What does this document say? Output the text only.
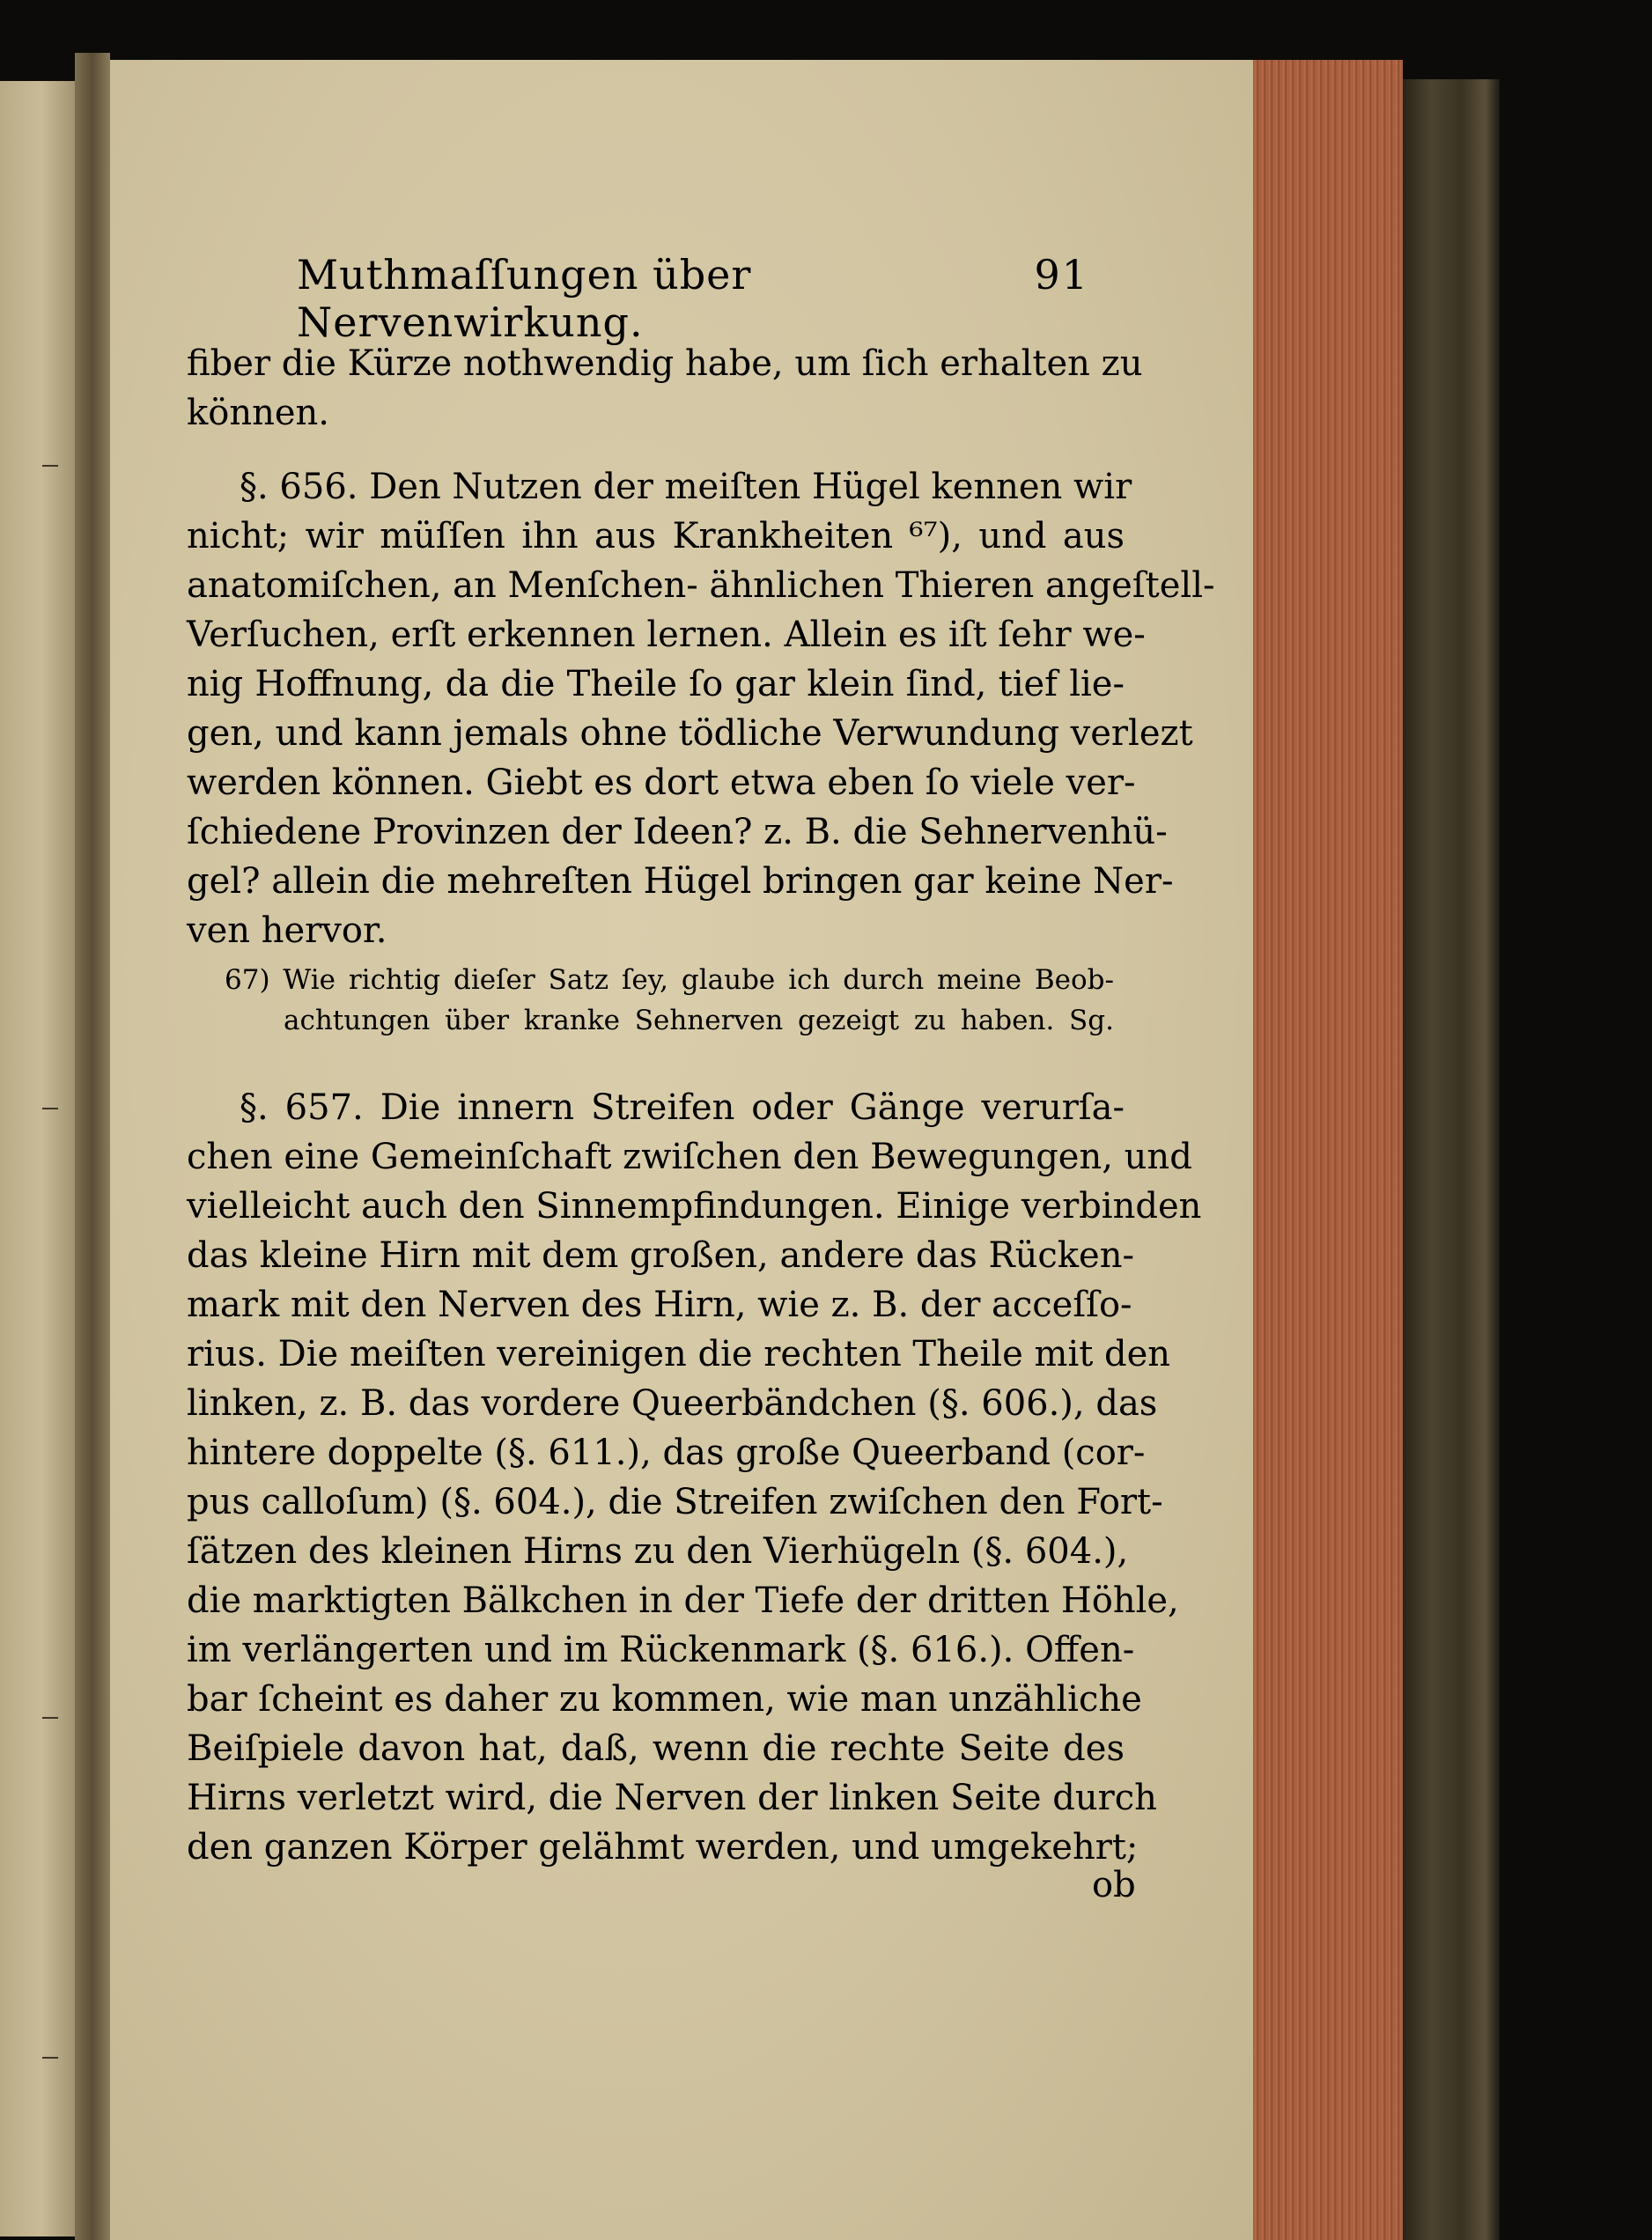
Muthmaſſungen über Nervenwirkung.
91
fiber die Kürze nothwendig habe, um ſich erhalten zu
können.
§. 656. Den Nutzen der meiſten Hügel kennen wir
nicht; wir müſſen ihn aus Krankheiten ⁶⁷), und aus
anatomiſchen, an Menſchen- ähnlichen Thieren angeſtell-
Verſuchen, erſt erkennen lernen. Allein es iſt ſehr we-
nig Hoffnung, da die Theile ſo gar klein ſind, tief lie-
gen, und kann jemals ohne tödliche Verwundung verlezt
werden können. Giebt es dort etwa eben ſo viele ver-
ſchiedene Provinzen der Ideen? z. B. die Sehnervenhü-
gel? allein die mehreſten Hügel bringen gar keine Ner-
ven hervor.
67) Wie richtig dieſer Satz ſey, glaube ich durch meine Beob-
achtungen über kranke Sehnerven gezeigt zu haben. Sg.
§. 657. Die innern Streifen oder Gänge verurſa-
chen eine Gemeinſchaft zwiſchen den Bewegungen, und
vielleicht auch den Sinnempfindungen. Einige verbinden
das kleine Hirn mit dem großen, andere das Rücken-
mark mit den Nerven des Hirn, wie z. B. der acceſſo-
rius. Die meiſten vereinigen die rechten Theile mit den
linken, z. B. das vordere Queerbändchen (§. 606.), das
hintere doppelte (§. 611.), das große Queerband (cor-
pus calloſum) (§. 604.), die Streifen zwiſchen den Fort-
ſätzen des kleinen Hirns zu den Vierhügeln (§. 604.),
die marktigten Bälkchen in der Tiefe der dritten Höhle,
im verlängerten und im Rückenmark (§. 616.). Offen-
bar ſcheint es daher zu kommen, wie man unzähliche
Beiſpiele davon hat, daß, wenn die rechte Seite des
Hirns verletzt wird, die Nerven der linken Seite durch
den ganzen Körper gelähmt werden, und umgekehrt;
ob
